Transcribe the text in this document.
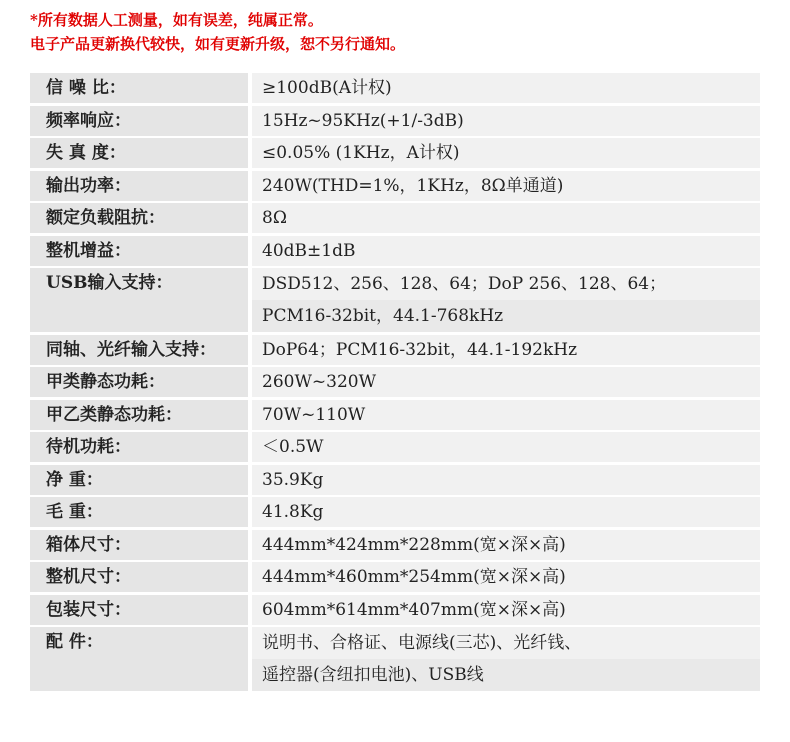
*所有数据人工测量，如有误差，纯属正常。
电子产品更新换代较快，如有更新升级，恕不另行通知。
信 噪 比：	≥100dB(A计权)
频率响应：	15Hz~95KHz(+1/-3dB)
失 真 度：	≤0.05% (1KHz，A计权)
输出功率：	240W(THD=1%，1KHz，8Ω单通道)
额定负载阻抗：	8Ω
整机增益：	40dB±1dB
USB输入支持：	DSD512、256、128、64；DoP 256、128、64；
PCM16-32bit，44.1-768kHz
同轴、光纤输入支持：	DoP64；PCM16-32bit，44.1-192kHz
甲类静态功耗：	260W~320W
甲乙类静态功耗：	70W~110W
待机功耗：	＜0.5W
净 重：	35.9Kg
毛 重：	41.8Kg
箱体尺寸：	444mm*424mm*228mm(宽×深×高)
整机尺寸：	444mm*460mm*254mm(宽×深×高)
包装尺寸：	604mm*614mm*407mm(宽×深×高)
配 件：	说明书、合格证、电源线(三芯)、光纤钱、
遥控器(含纽扣电池)、USB线
